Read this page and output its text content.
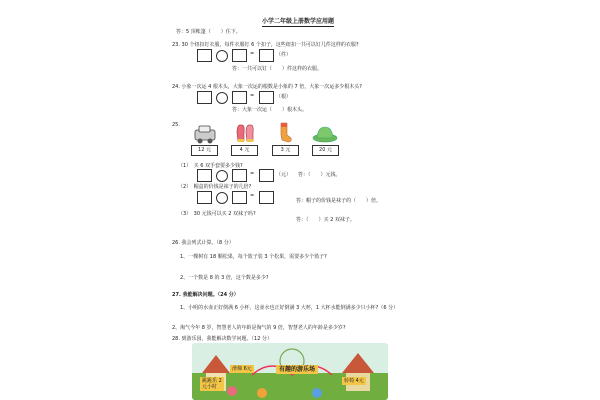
小学二年级上册数学应用题
答：5 顶帐篷（　　）住下。
23. 30 个纽扣钉衣服，每件衣服钉 6 个扣子，这些纽扣一共可以钉几件这样的衣服?
=	（件）
答：一共可以钉（　　）件这样的衣服。
24. 小象一次运 4 根木头，大象一次运的根数是小象的 7 倍，大象一次运多少根木头?
=	（根）
答：大象一次运（　　）根木头。
25.
12 元	4 元	3 元	20 元
（1）　买 6 双手套要多少钱?
=	（元） 答：（　　）元钱。
（2）　帽盒的价钱是袜子的几倍?
=
答：帽子的价钱是袜子的（　　）倍。
（3）　30 元钱可以买 2 双袜子吗?
答：（　　）买 2 双袜子。
26. 我会列式计算。（8 分）
1、一棵树有 18 颗松果，每个篮子装 3 个松果，需要多少个篮子?
2、一个数是 8 的 3 倍，这个数是多少?
27. 我能解决问题。（24 分）
1、小明的水壶正好倒满 6 小杯，这壶水也正好倒满 3 大杯，1 大杯水能倒满多少只小杯?（6 分）
2、淘气今年 8 岁，智慧老人的年龄是淘气的 9 倍，智慧老人的年龄是多少岁?
28. 到游乐园，我能解决数学问题。（12 分）
跳跳乐 2元小时
滑梯 6元
转椅 4元
有趣的游乐场
